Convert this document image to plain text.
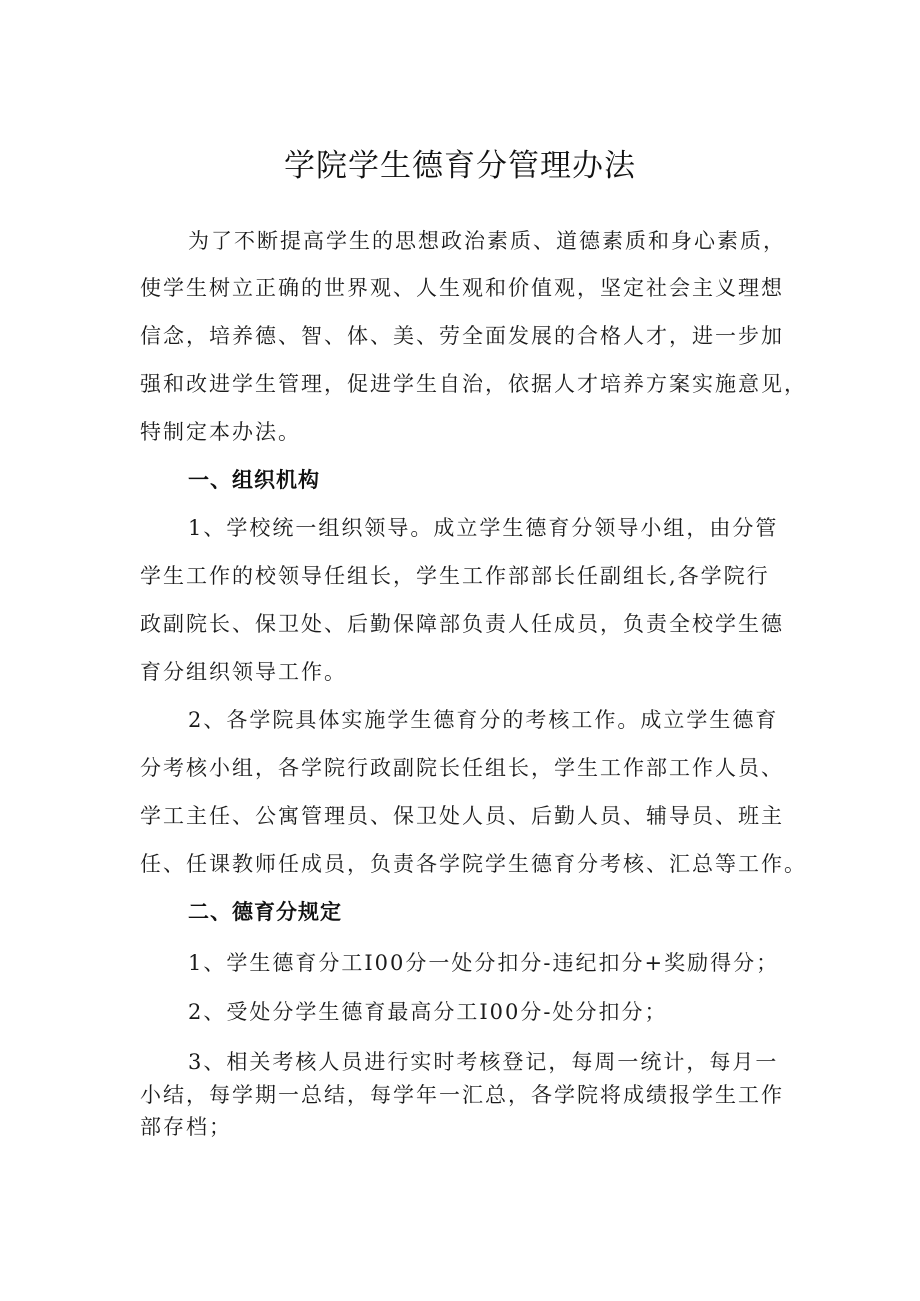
学院学生德育分管理办法
为了不断提高学生的思想政治素质、道德素质和身心素质，
使学生树立正确的世界观、人生观和价值观，坚定社会主义理想
信念，培养德、智、体、美、劳全面发展的合格人才，进一步加
强和改进学生管理，促进学生自治，依据人才培养方案实施意见，
特制定本办法。
一、组织机构
1、学校统一组织领导。成立学生德育分领导小组，由分管
学生工作的校领导任组长，学生工作部部长任副组长,各学院行
政副院长、保卫处、后勤保障部负责人任成员，负责全校学生德
育分组织领导工作。
2、各学院具体实施学生德育分的考核工作。成立学生德育
分考核小组，各学院行政副院长任组长，学生工作部工作人员、
学工主任、公寓管理员、保卫处人员、后勤人员、辅导员、班主
任、任课教师任成员，负责各学院学生德育分考核、汇总等工作。
二、德育分规定
1、学生德育分工I00分一处分扣分-违纪扣分+奖励得分；
2、受处分学生德育最高分工I00分-处分扣分；
3、相关考核人员进行实时考核登记，每周一统计，每月一
小结，每学期一总结，每学年一汇总，各学院将成绩报学生工作
部存档；
